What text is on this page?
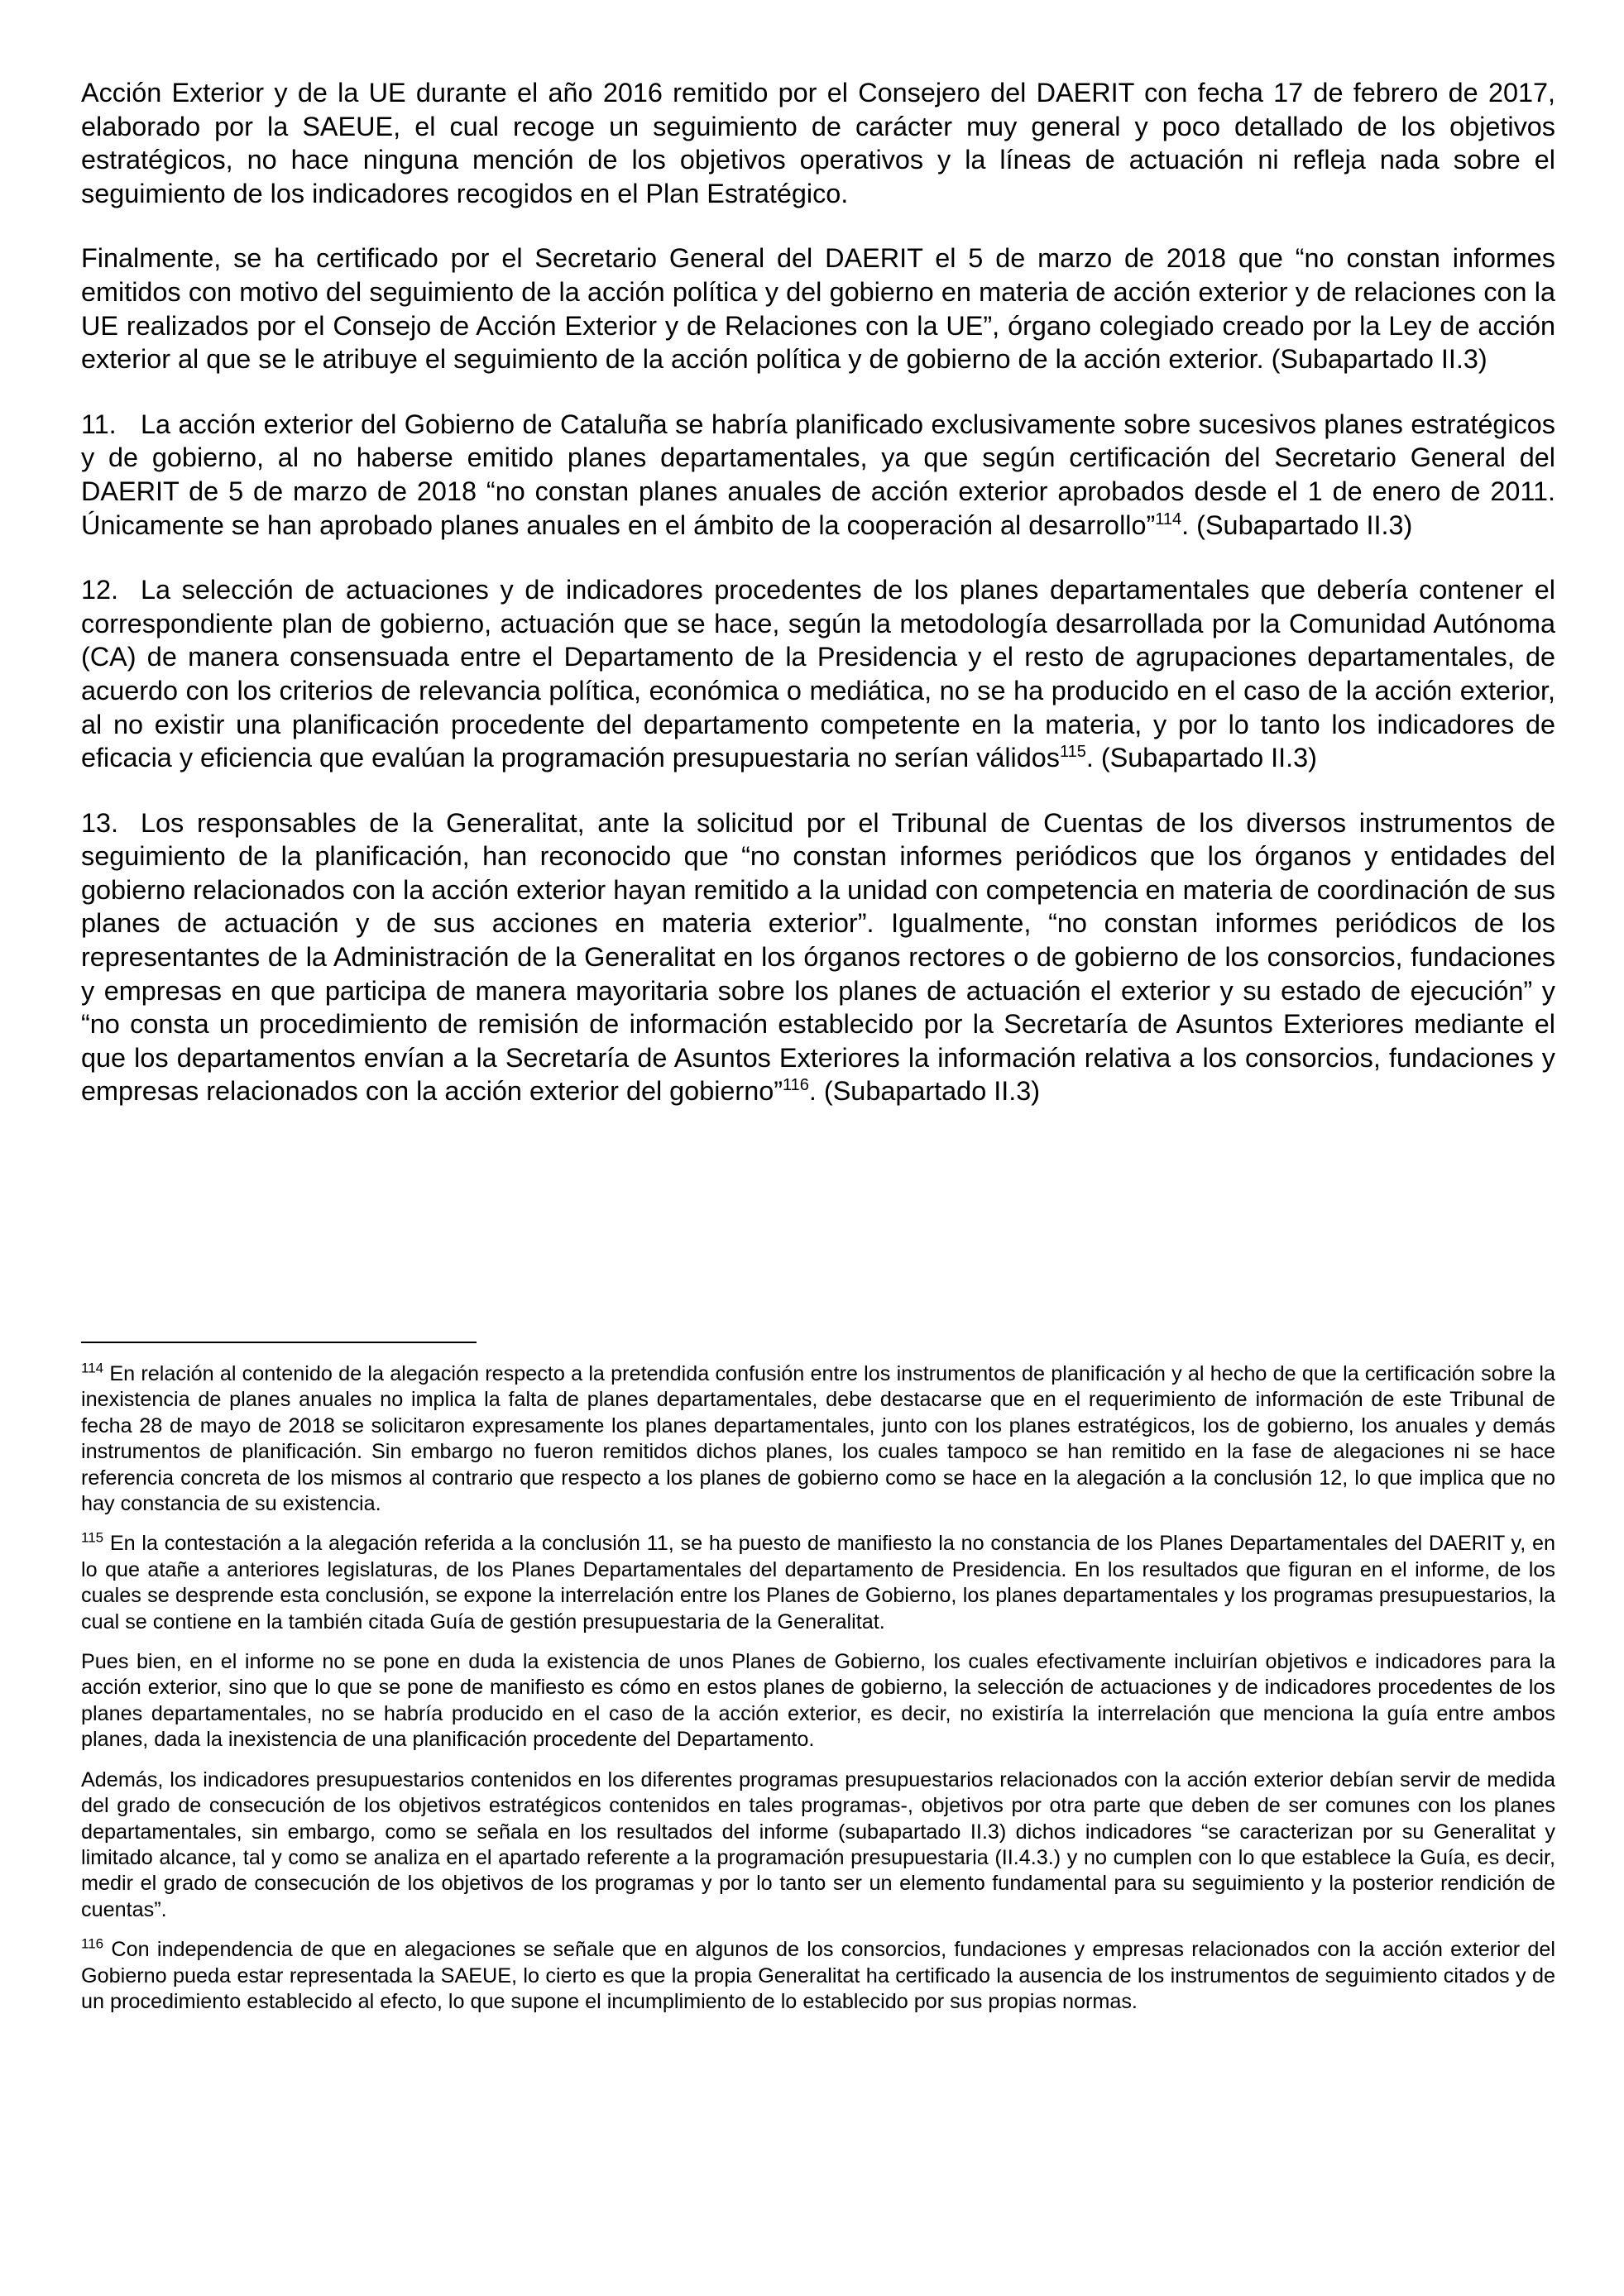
Acción Exterior y de la UE durante el año 2016 remitido por el Consejero del DAERIT con fecha 17 de febrero de 2017, elaborado por la SAEUE, el cual recoge un seguimiento de carácter muy general y poco detallado de los objetivos estratégicos, no hace ninguna mención de los objetivos operativos y la líneas de actuación ni refleja nada sobre el seguimiento de los indicadores recogidos en el Plan Estratégico.

Finalmente, se ha certificado por el Secretario General del DAERIT el 5 de marzo de 2018 que “no constan informes emitidos con motivo del seguimiento de la acción política y del gobierno en materia de acción exterior y de relaciones con la UE realizados por el Consejo de Acción Exterior y de Relaciones con la UE”, órgano colegiado creado por la Ley de acción exterior al que se le atribuye el seguimiento de la acción política y de gobierno de la acción exterior. (Subapartado II.3)

11. La acción exterior del Gobierno de Cataluña se habría planificado exclusivamente sobre sucesivos planes estratégicos y de gobierno, al no haberse emitido planes departamentales, ya que según certificación del Secretario General del DAERIT de 5 de marzo de 2018 “no constan planes anuales de acción exterior aprobados desde el 1 de enero de 2011. Únicamente se han aprobado planes anuales en el ámbito de la cooperación al desarrollo”$^{114}$. (Subapartado II.3)

12. La selección de actuaciones y de indicadores procedentes de los planes departamentales que debería contener el correspondiente plan de gobierno, actuación que se hace, según la metodología desarrollada por la Comunidad Autónoma (CA) de manera consensuada entre el Departamento de la Presidencia y el resto de agrupaciones departamentales, de acuerdo con los criterios de relevancia política, económica o mediática, no se ha producido en el caso de la acción exterior, al no existir una planificación procedente del departamento competente en la materia, y por lo tanto los indicadores de eficacia y eficiencia que evalúan la programación presupuestaria no serían válidos$^{115}$. (Subapartado II.3)

13. Los responsables de la Generalitat, ante la solicitud por el Tribunal de Cuentas de los diversos instrumentos de seguimiento de la planificación, han reconocido que “no constan informes periódicos que los órganos y entidades del gobierno relacionados con la acción exterior hayan remitido a la unidad con competencia en materia de coordinación de sus planes de actuación y de sus acciones en materia exterior”. Igualmente, “no constan informes periódicos de los representantes de la Administración de la Generalitat en los órganos rectores o de gobierno de los consorcios, fundaciones y empresas en que participa de manera mayoritaria sobre los planes de actuación el exterior y su estado de ejecución” y “no consta un procedimiento de remisión de información establecido por la Secretaría de Asuntos Exteriores mediante el que los departamentos envían a la Secretaría de Asuntos Exteriores la información relativa a los consorcios, fundaciones y empresas relacionados con la acción exterior del gobierno”$^{116}$. (Subapartado II.3)

$^{114}$ En relación al contenido de la alegación respecto a la pretendida confusión entre los instrumentos de planificación y al hecho de que la certificación sobre la inexistencia de planes anuales no implica la falta de planes departamentales, debe destacarse que en el requerimiento de información de este Tribunal de fecha 28 de mayo de 2018 se solicitaron expresamente los planes departamentales, junto con los planes estratégicos, los de gobierno, los anuales y demás instrumentos de planificación. Sin embargo no fueron remitidos dichos planes, los cuales tampoco se han remitido en la fase de alegaciones ni se hace referencia concreta de los mismos al contrario que respecto a los planes de gobierno como se hace en la alegación a la conclusión 12, lo que implica que no hay constancia de su existencia.

$^{115}$ En la contestación a la alegación referida a la conclusión 11, se ha puesto de manifiesto la no constancia de los Planes Departamentales del DAERIT y, en lo que atañe a anteriores legislaturas, de los Planes Departamentales del departamento de Presidencia. En los resultados que figuran en el informe, de los cuales se desprende esta conclusión, se expone la interrelación entre los Planes de Gobierno, los planes departamentales y los programas presupuestarios, la cual se contiene en la también citada Guía de gestión presupuestaria de la Generalitat.

Pues bien, en el informe no se pone en duda la existencia de unos Planes de Gobierno, los cuales efectivamente incluirían objetivos e indicadores para la acción exterior, sino que lo que se pone de manifiesto es cómo en estos planes de gobierno, la selección de actuaciones y de indicadores procedentes de los planes departamentales, no se habría producido en el caso de la acción exterior, es decir, no existiría la interrelación que menciona la guía entre ambos planes, dada la inexistencia de una planificación procedente del Departamento.

Además, los indicadores presupuestarios contenidos en los diferentes programas presupuestarios relacionados con la acción exterior debían servir de medida del grado de consecución de los objetivos estratégicos contenidos en tales programas-, objetivos por otra parte que deben de ser comunes con los planes departamentales, sin embargo, como se señala en los resultados del informe (subapartado II.3) dichos indicadores “se caracterizan por su Generalitat y limitado alcance, tal y como se analiza en el apartado referente a la programación presupuestaria (II.4.3.) y no cumplen con lo que establece la Guía, es decir, medir el grado de consecución de los objetivos de los programas y por lo tanto ser un elemento fundamental para su seguimiento y la posterior rendición de cuentas”.

$^{116}$ Con independencia de que en alegaciones se señale que en algunos de los consorcios, fundaciones y empresas relacionados con la acción exterior del Gobierno pueda estar representada la SAEUE, lo cierto es que la propia Generalitat ha certificado la ausencia de los instrumentos de seguimiento citados y de un procedimiento establecido al efecto, lo que supone el incumplimiento de lo establecido por sus propias normas.
